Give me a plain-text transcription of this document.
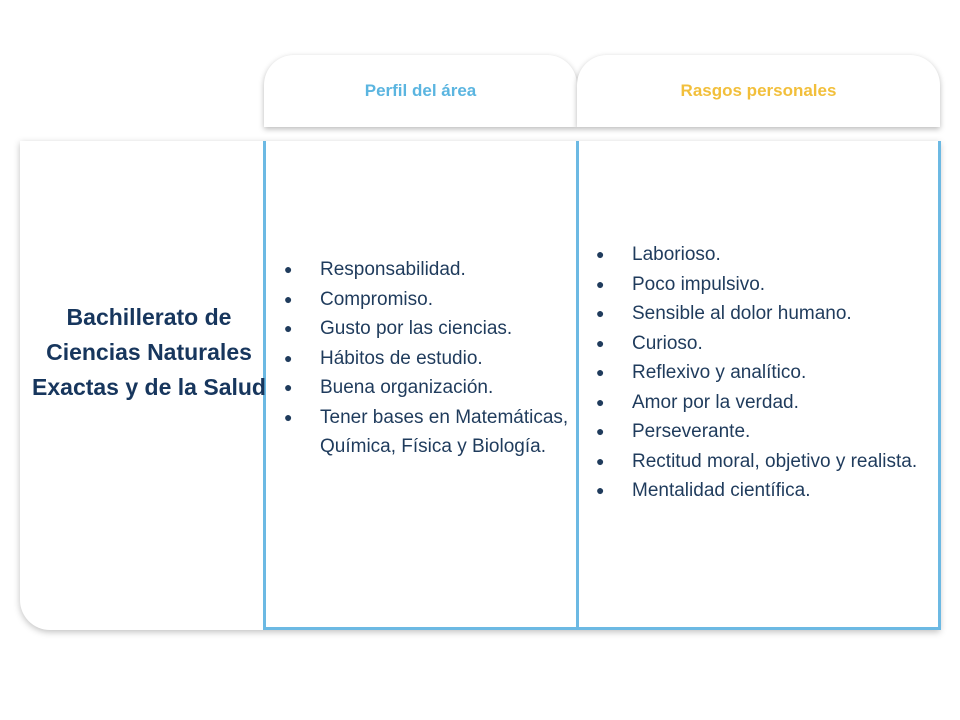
Perfil del área	Rasgos personales

Bachillerato de Ciencias Naturales Exactas y de la Salud

● Responsabilidad.
● Compromiso.
● Gusto por las ciencias.
● Hábitos de estudio.
● Buena organización.
● Tener bases en Matemáticas, Química, Física y Biología.
● Laborioso.
● Poco impulsivo.
● Sensible al dolor humano.
● Curioso.
● Reflexivo y analítico.
● Amor por la verdad.
● Perseverante.
● Rectitud moral, objetivo y realista.
● Mentalidad científica.
